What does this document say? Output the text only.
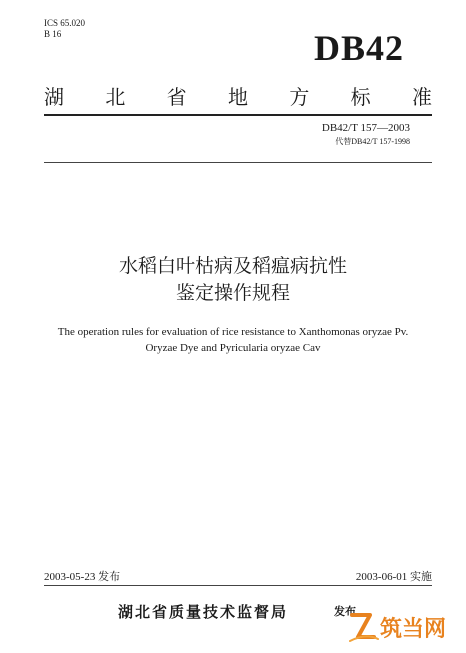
ICS 65.020
B 16	DB42
湖 北 省 地 方 标 准
DB42/T 157—2003
代替DB42/T 157-1998
水稻白叶枯病及稻瘟病抗性
鉴定操作规程
The operation rules for evaluation of rice resistance to Xanthomonas oryzae Pv.
Oryzae Dye and Pyricularia oryzae Cav
2003-05-23 发布	2003-06-01 实施
湖北省质量技术监督局	发布
筑当网
